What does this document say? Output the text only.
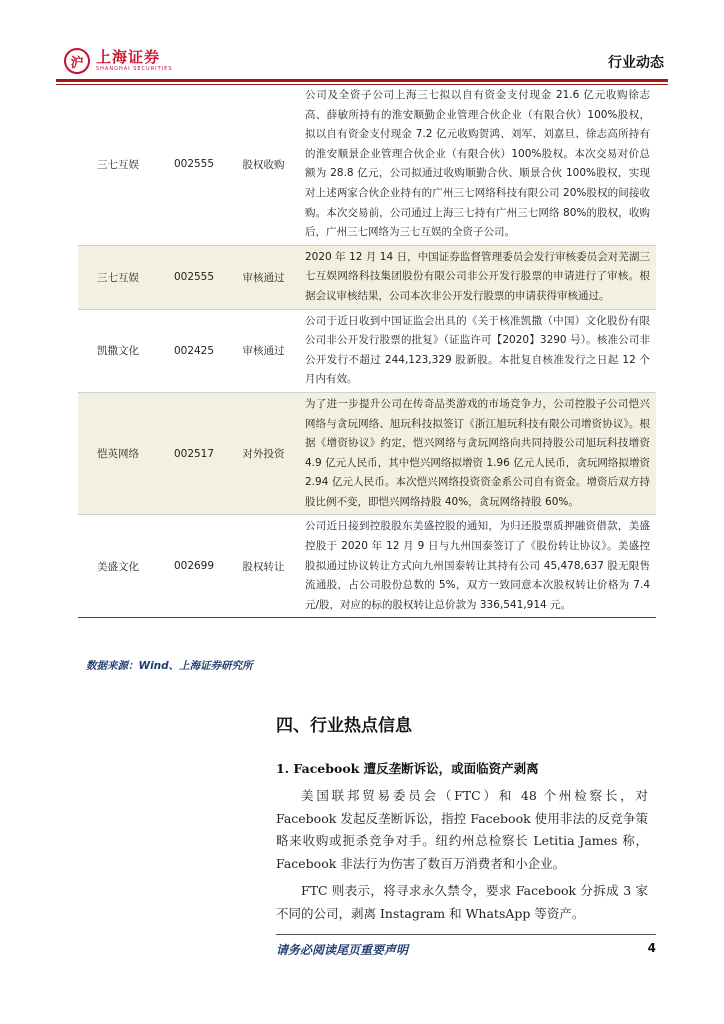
沪 上海证券
SHANGHAI SECURITIES	行业动态
三七互娱	002555	股权收购	公司及全资子公司上海三七拟以自有资金支付现金 21.6 亿元收购徐志高、薛敏所持有的淮安顺勤企业管理合伙企业（有限合伙）100%股权，拟以自有资金支付现金 7.2 亿元收购贺鸿、刘军、刘嘉旦、徐志高所持有的淮安顺景企业管理合伙企业（有限合伙）100%股权。本次交易对价总额为 28.8 亿元，公司拟通过收购顺勤合伙、顺景合伙 100%股权，实现对上述两家合伙企业持有的广州三七网络科技有限公司 20%股权的间接收购。本次交易前，公司通过上海三七持有广州三七网络 80%的股权，收购后，广州三七网络为三七互娱的全资子公司。
三七互娱	002555	审核通过	2020 年 12 月 14 日，中国证券监督管理委员会发行审核委员会对芜湖三七互娱网络科技集团股份有限公司非公开发行股票的申请进行了审核。根据会议审核结果，公司本次非公开发行股票的申请获得审核通过。
凯撒文化	002425	审核通过	公司于近日收到中国证监会出具的《关于核准凯撒（中国）文化股份有限公司非公开发行股票的批复》（证监许可【2020】3290 号）。核准公司非公开发行不超过 244,123,329 股新股。本批复自核准发行之日起 12 个月内有效。
恺英网络	002517	对外投资	为了进一步提升公司在传奇品类游戏的市场竞争力，公司控股子公司恺兴网络与贪玩网络、旭玩科技拟签订《浙江旭玩科技有限公司增资协议》。根据《增资协议》约定，恺兴网络与贪玩网络向共同持股公司旭玩科技增资 4.9 亿元人民币，其中恺兴网络拟增资 1.96 亿元人民币，贪玩网络拟增资 2.94 亿元人民币。本次恺兴网络投资资金系公司自有资金。增资后双方持股比例不变，即恺兴网络持股 40%，贪玩网络持股 60%。
美盛文化	002699	股权转让	公司近日接到控股股东美盛控股的通知，为归还股票质押融资借款，美盛控股于 2020 年 12 月 9 日与九州国泰签订了《股份转让协议》。美盛控股拟通过协议转让方式向九州国泰转让其持有公司 45,478,637 股无限售流通股，占公司股份总数的 5%，双方一致同意本次股权转让价格为 7.4 元/股，对应的标的股权转让总价款为 336,541,914 元。
数据来源：Wind、上海证券研究所
四、行业热点信息
1. Facebook 遭反垄断诉讼，或面临资产剥离

美国联邦贸易委员会（FTC）和 48 个州检察长，对 Facebook 发起反垄断诉讼，指控 Facebook 使用非法的反竞争策略来收购或扼杀竞争对手。纽约州总检察长 Letitia James 称，Facebook 非法行为伤害了数百万消费者和小企业。

FTC 则表示，将寻求永久禁令，要求 Facebook 分拆成 3 家不同的公司，剥离 Instagram 和 WhatsApp 等资产。

请务必阅读尾页重要声明	4
